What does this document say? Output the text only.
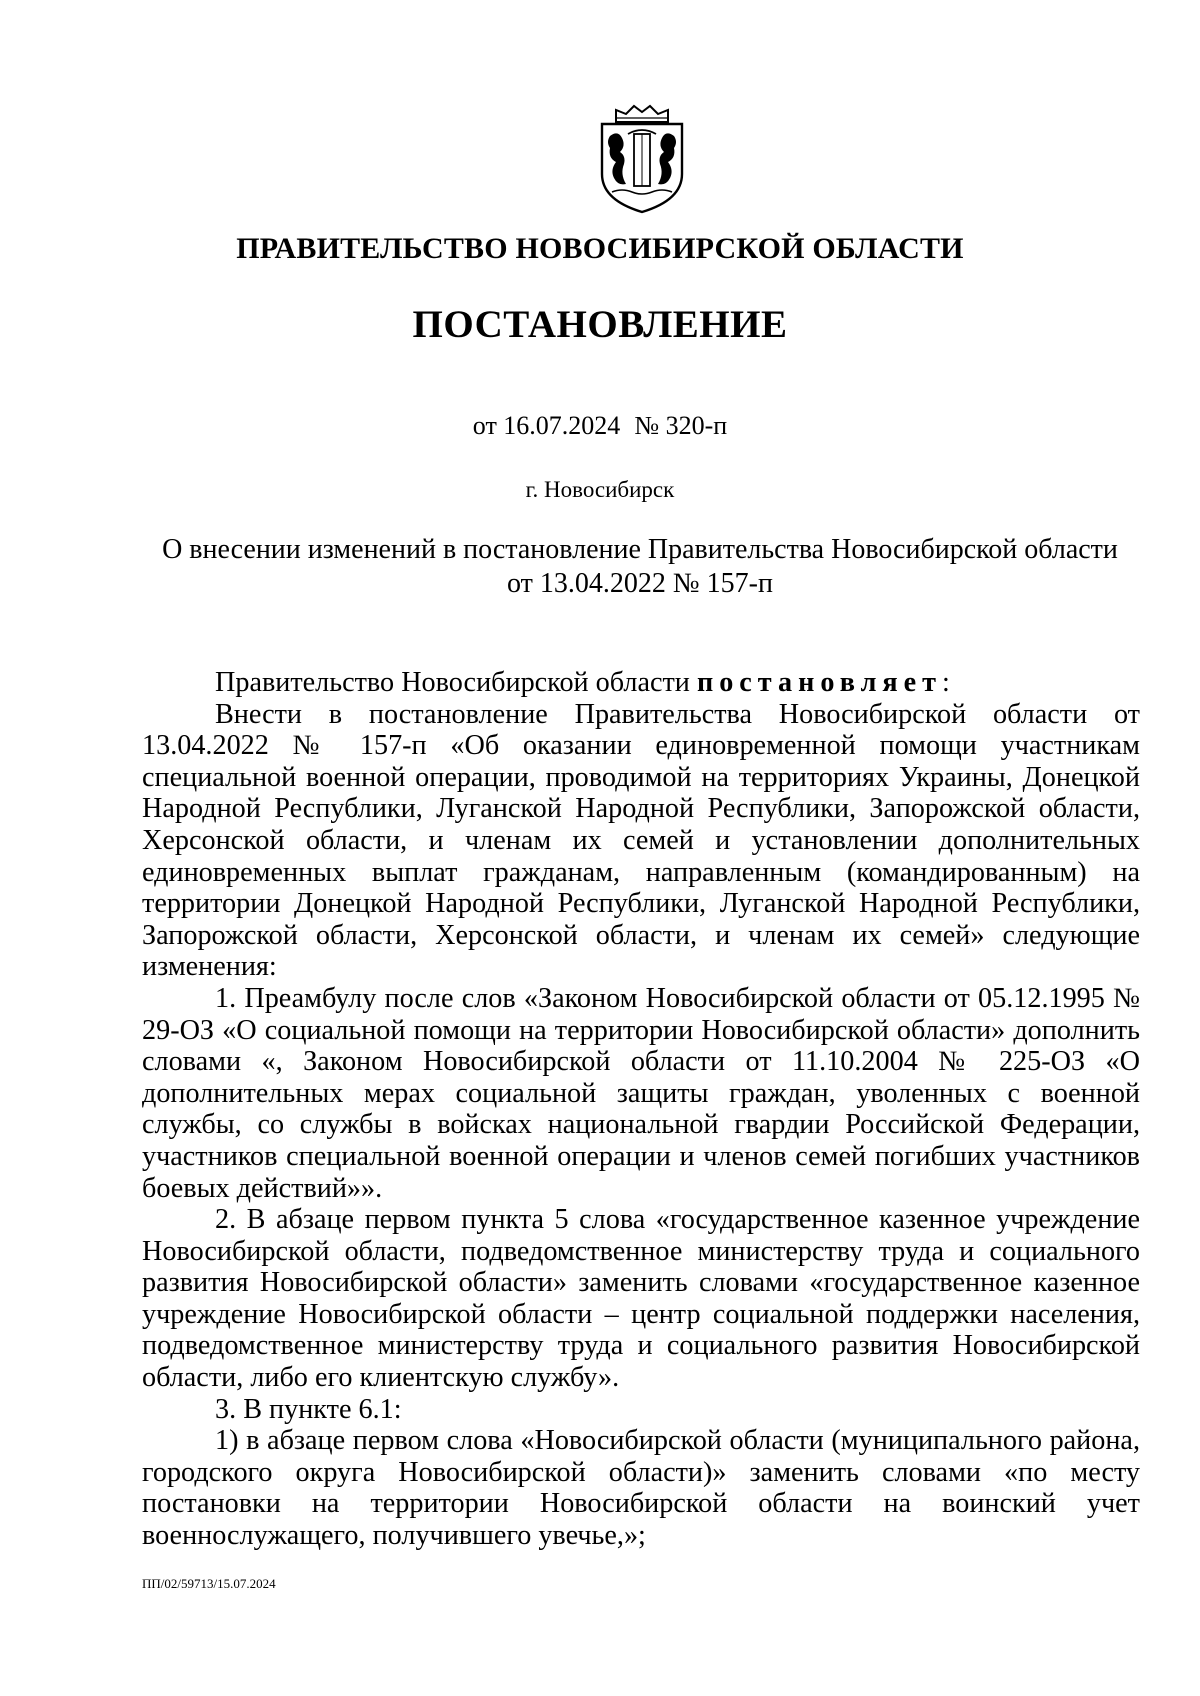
ПРАВИТЕЛЬСТВО НОВОСИБИРСКОЙ ОБЛАСТИ
ПОСТАНОВЛЕНИЕ
от 16.07.2024 № 320-п
г. Новосибирск
О внесении изменений в постановление Правительства Новосибирской области
от 13.04.2022 № 157-п

Правительство Новосибирской области постановляет:

Внести в постановление Правительства Новосибирской области от 13.04.2022 № 157-п «Об оказании единовременной помощи участникам специальной военной операции, проводимой на территориях Украины, Донецкой Народной Республики, Луганской Народной Республики, Запорожской области, Херсонской области, и членам их семей и установлении дополнительных единовременных выплат гражданам, направленным (командированным) на территории Донецкой Народной Республики, Луганской Народной Республики, Запорожской области, Херсонской области, и членам их семей» следующие изменения:

1. Преамбулу после слов «Законом Новосибирской области от 05.12.1995 № 29-ОЗ «О социальной помощи на территории Новосибирской области» дополнить словами «, Законом Новосибирской области от 11.10.2004 № 225-ОЗ «О дополнительных мерах социальной защиты граждан, уволенных с военной службы, со службы в войсках национальной гвардии Российской Федерации, участников специальной военной операции и членов семей погибших участников боевых действий»».

2. В абзаце первом пункта 5 слова «государственное казенное учреждение Новосибирской области, подведомственное министерству труда и социального развития Новосибирской области» заменить словами «государственное казенное учреждение Новосибирской области – центр социальной поддержки населения, подведомственное министерству труда и социального развития Новосибирской области, либо его клиентскую службу».

3. В пункте 6.1:

1) в абзаце первом слова «Новосибирской области (муниципального района, городского округа Новосибирской области)» заменить словами «по месту постановки на территории Новосибирской области на воинский учет военнослужащего, получившего увечье,»;

ПП/02/59713/15.07.2024
